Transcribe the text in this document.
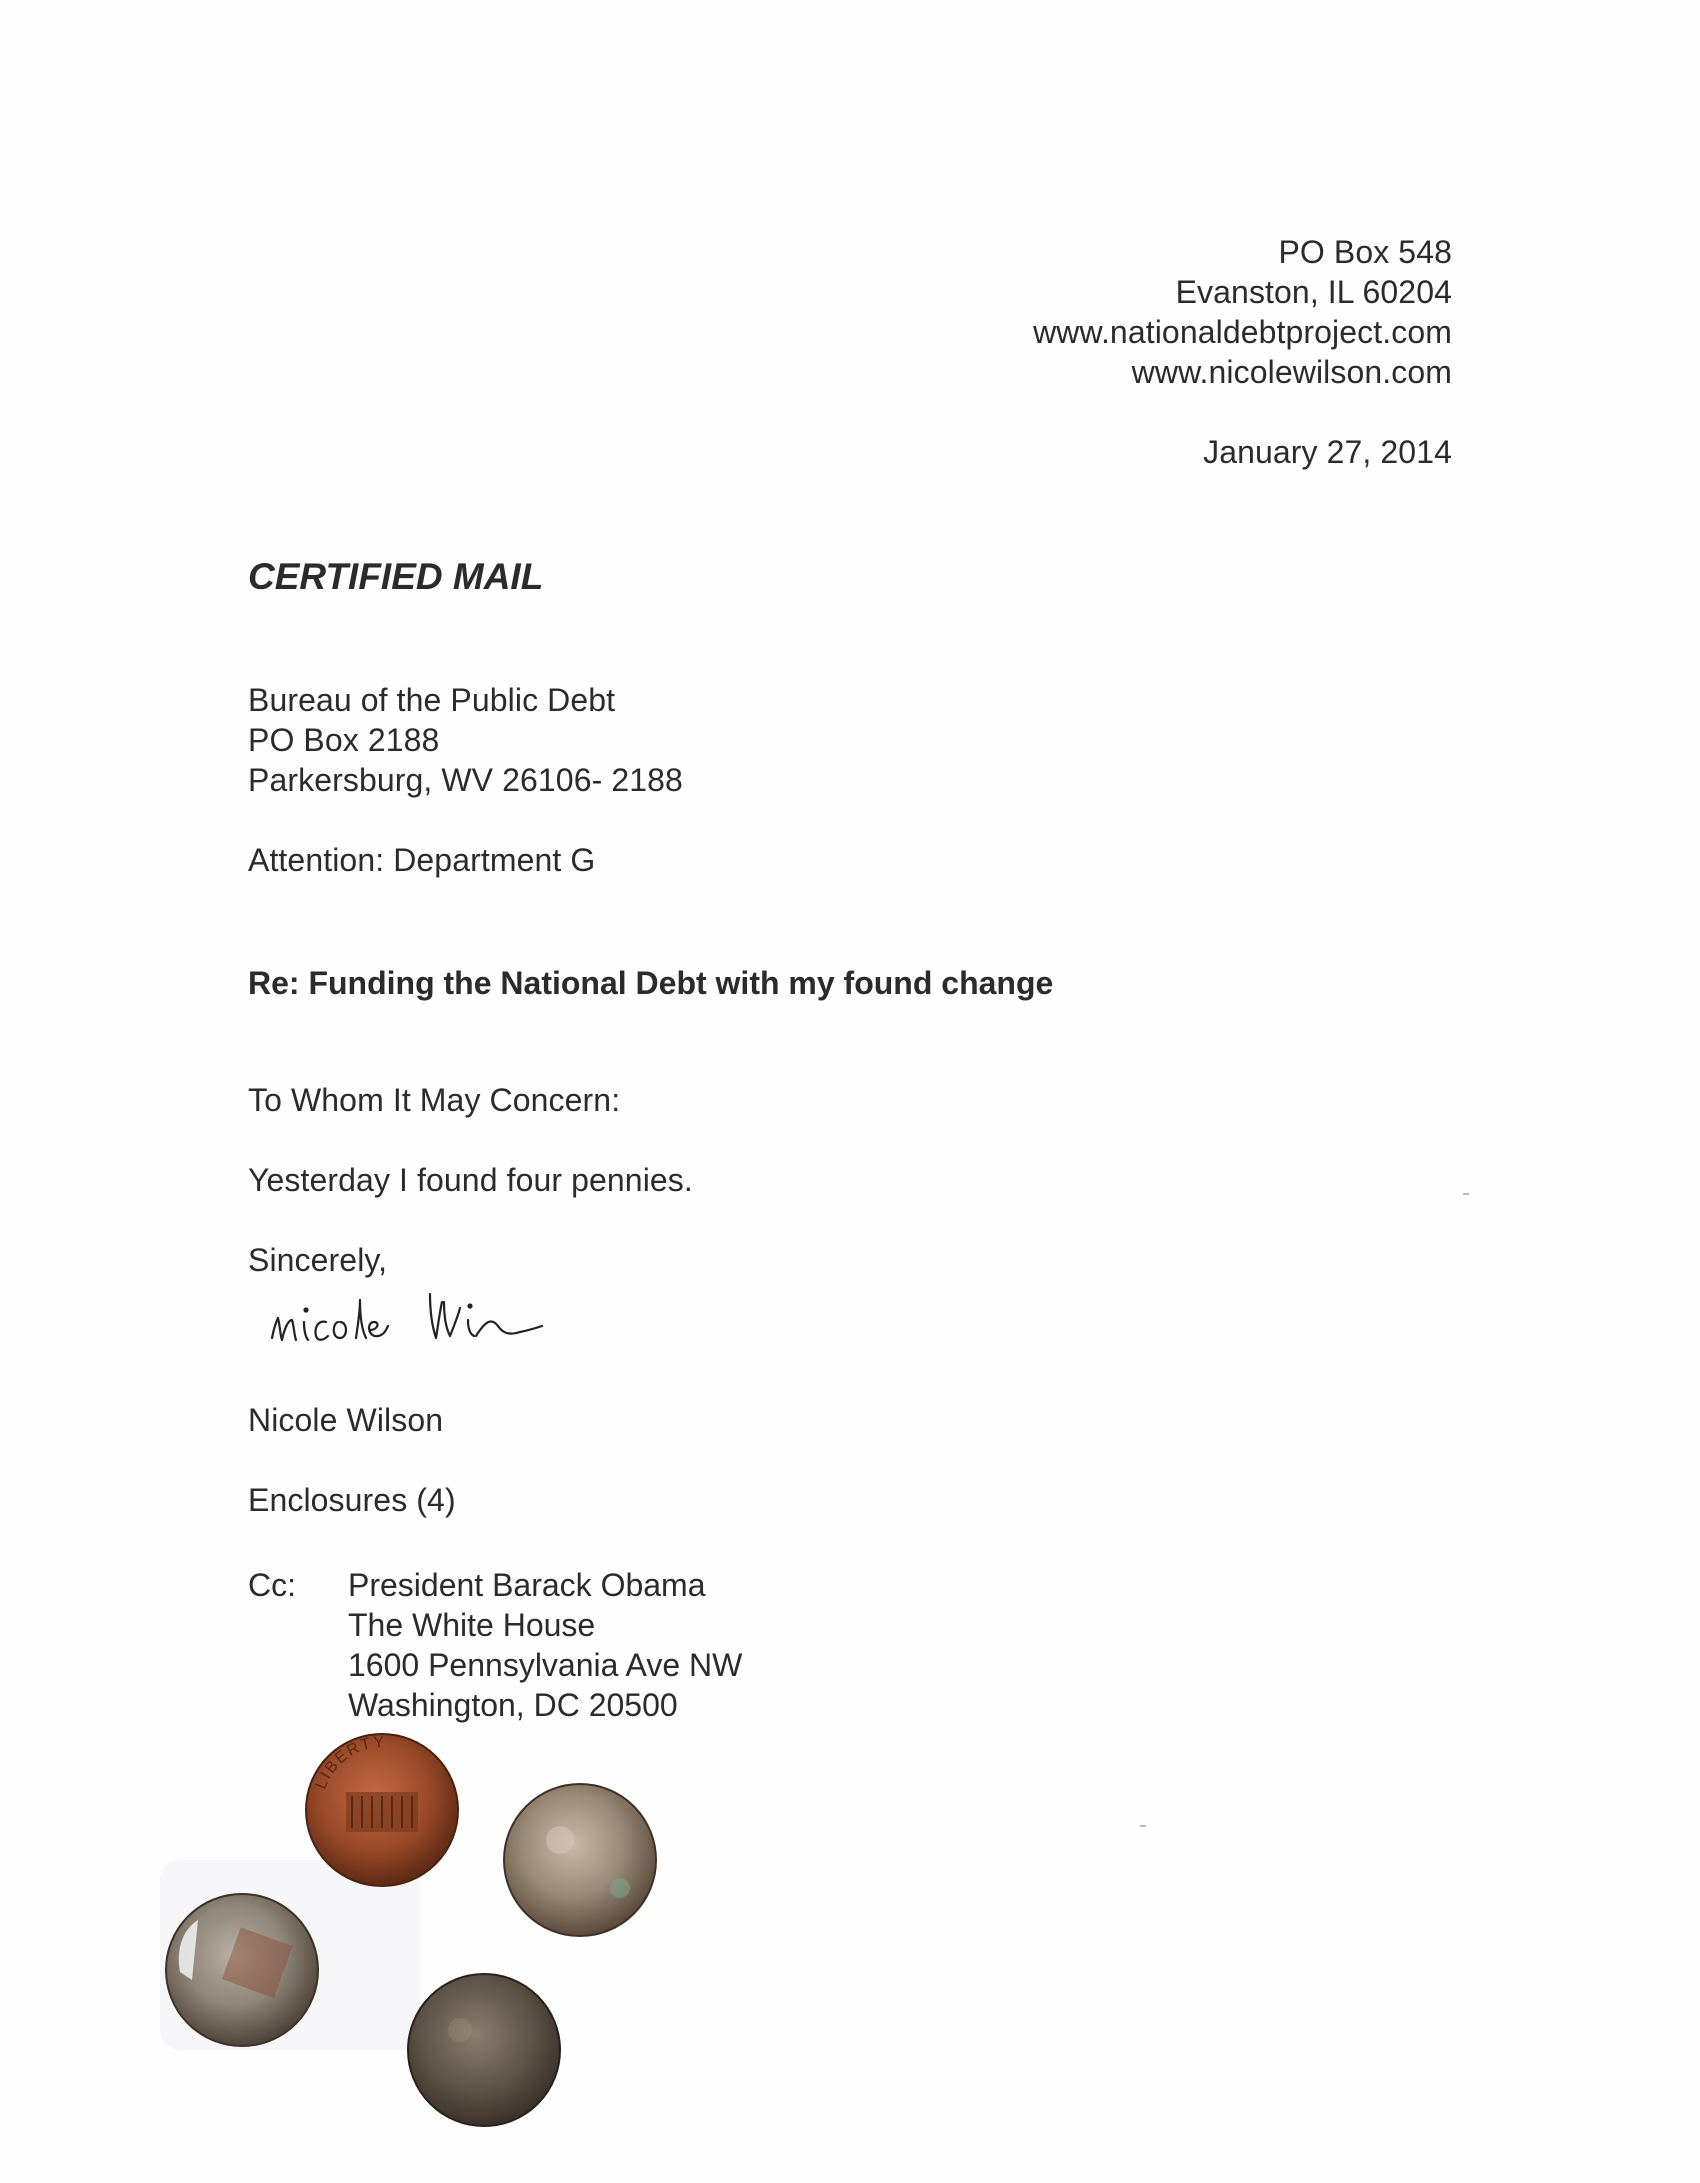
PO Box 548
Evanston, IL 60204
www.nationaldebtproject.com
www.nicolewilson.com
January 27, 2014
CERTIFIED MAIL
Bureau of the Public Debt
PO Box 2188
Parkersburg, WV 26106- 2188
Attention: Department G
Re: Funding the National Debt with my found change
To Whom It May Concern:
Yesterday I found four pennies.
Sincerely,
Nicole Wilson
Enclosures (4)
Cc: President Barack Obama
The White House
1600 Pennsylvania Ave NW
Washington, DC 20500
LIBERTY
